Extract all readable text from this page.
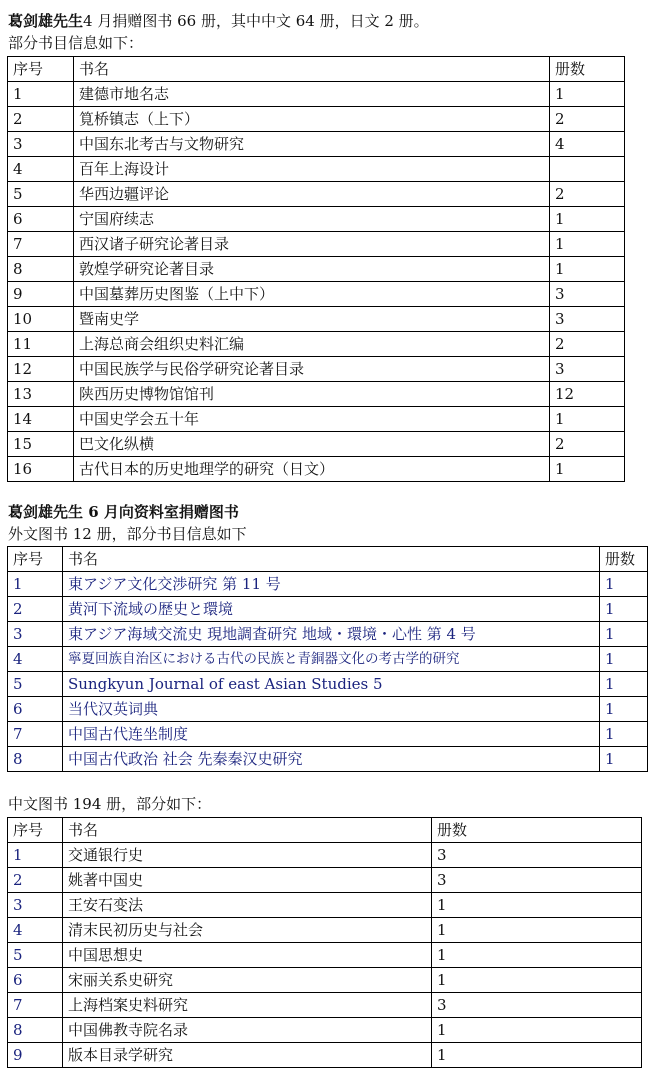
葛剑雄先生4 月捐赠图书 66 册，其中中文 64 册，日文 2 册。
部分书目信息如下：
序号	书名	册数
1	建德市地名志	1
2	筧桥镇志（上下）	2
3	中国东北考古与文物研究	4
4	百年上海设计	
5	华西边疆评论	2
6	宁国府续志	1
7	西汉诸子研究论著目录	1
8	敦煌学研究论著目录	1
9	中国墓葬历史图鉴（上中下）	3
10	暨南史学	3
11	上海总商会组织史料汇编	2
12	中国民族学与民俗学研究论著目录	3
13	陕西历史博物馆馆刊	12
14	中国史学会五十年	1
15	巴文化纵横	2
16	古代日本的历史地理学的研究（日文）	1
葛剑雄先生 6 月向资料室捐赠图书
外文图书 12 册，部分书目信息如下
序号	书名	册数
1	東アジア文化交渉研究 第 11 号	1
2	黄河下流域の歴史と環境	1
3	東アジア海域交流史 現地調査研究 地域・環境・心性 第 4 号	1
4	寧夏回族自治区における古代の民族と青銅器文化の考古学的研究	1
5	Sungkyun Journal of east Asian Studies 5	1
6	当代汉英词典	1
7	中国古代连坐制度	1
8	中国古代政治 社会 先秦秦汉史研究	1
中文图书 194 册，部分如下：
序号	书名	册数
1	交通银行史	3
2	姚著中国史	3
3	王安石变法	1
4	清末民初历史与社会	1
5	中国思想史	1
6	宋丽关系史研究	1
7	上海档案史料研究	3
8	中国佛教寺院名录	1
9	版本目录学研究	1
